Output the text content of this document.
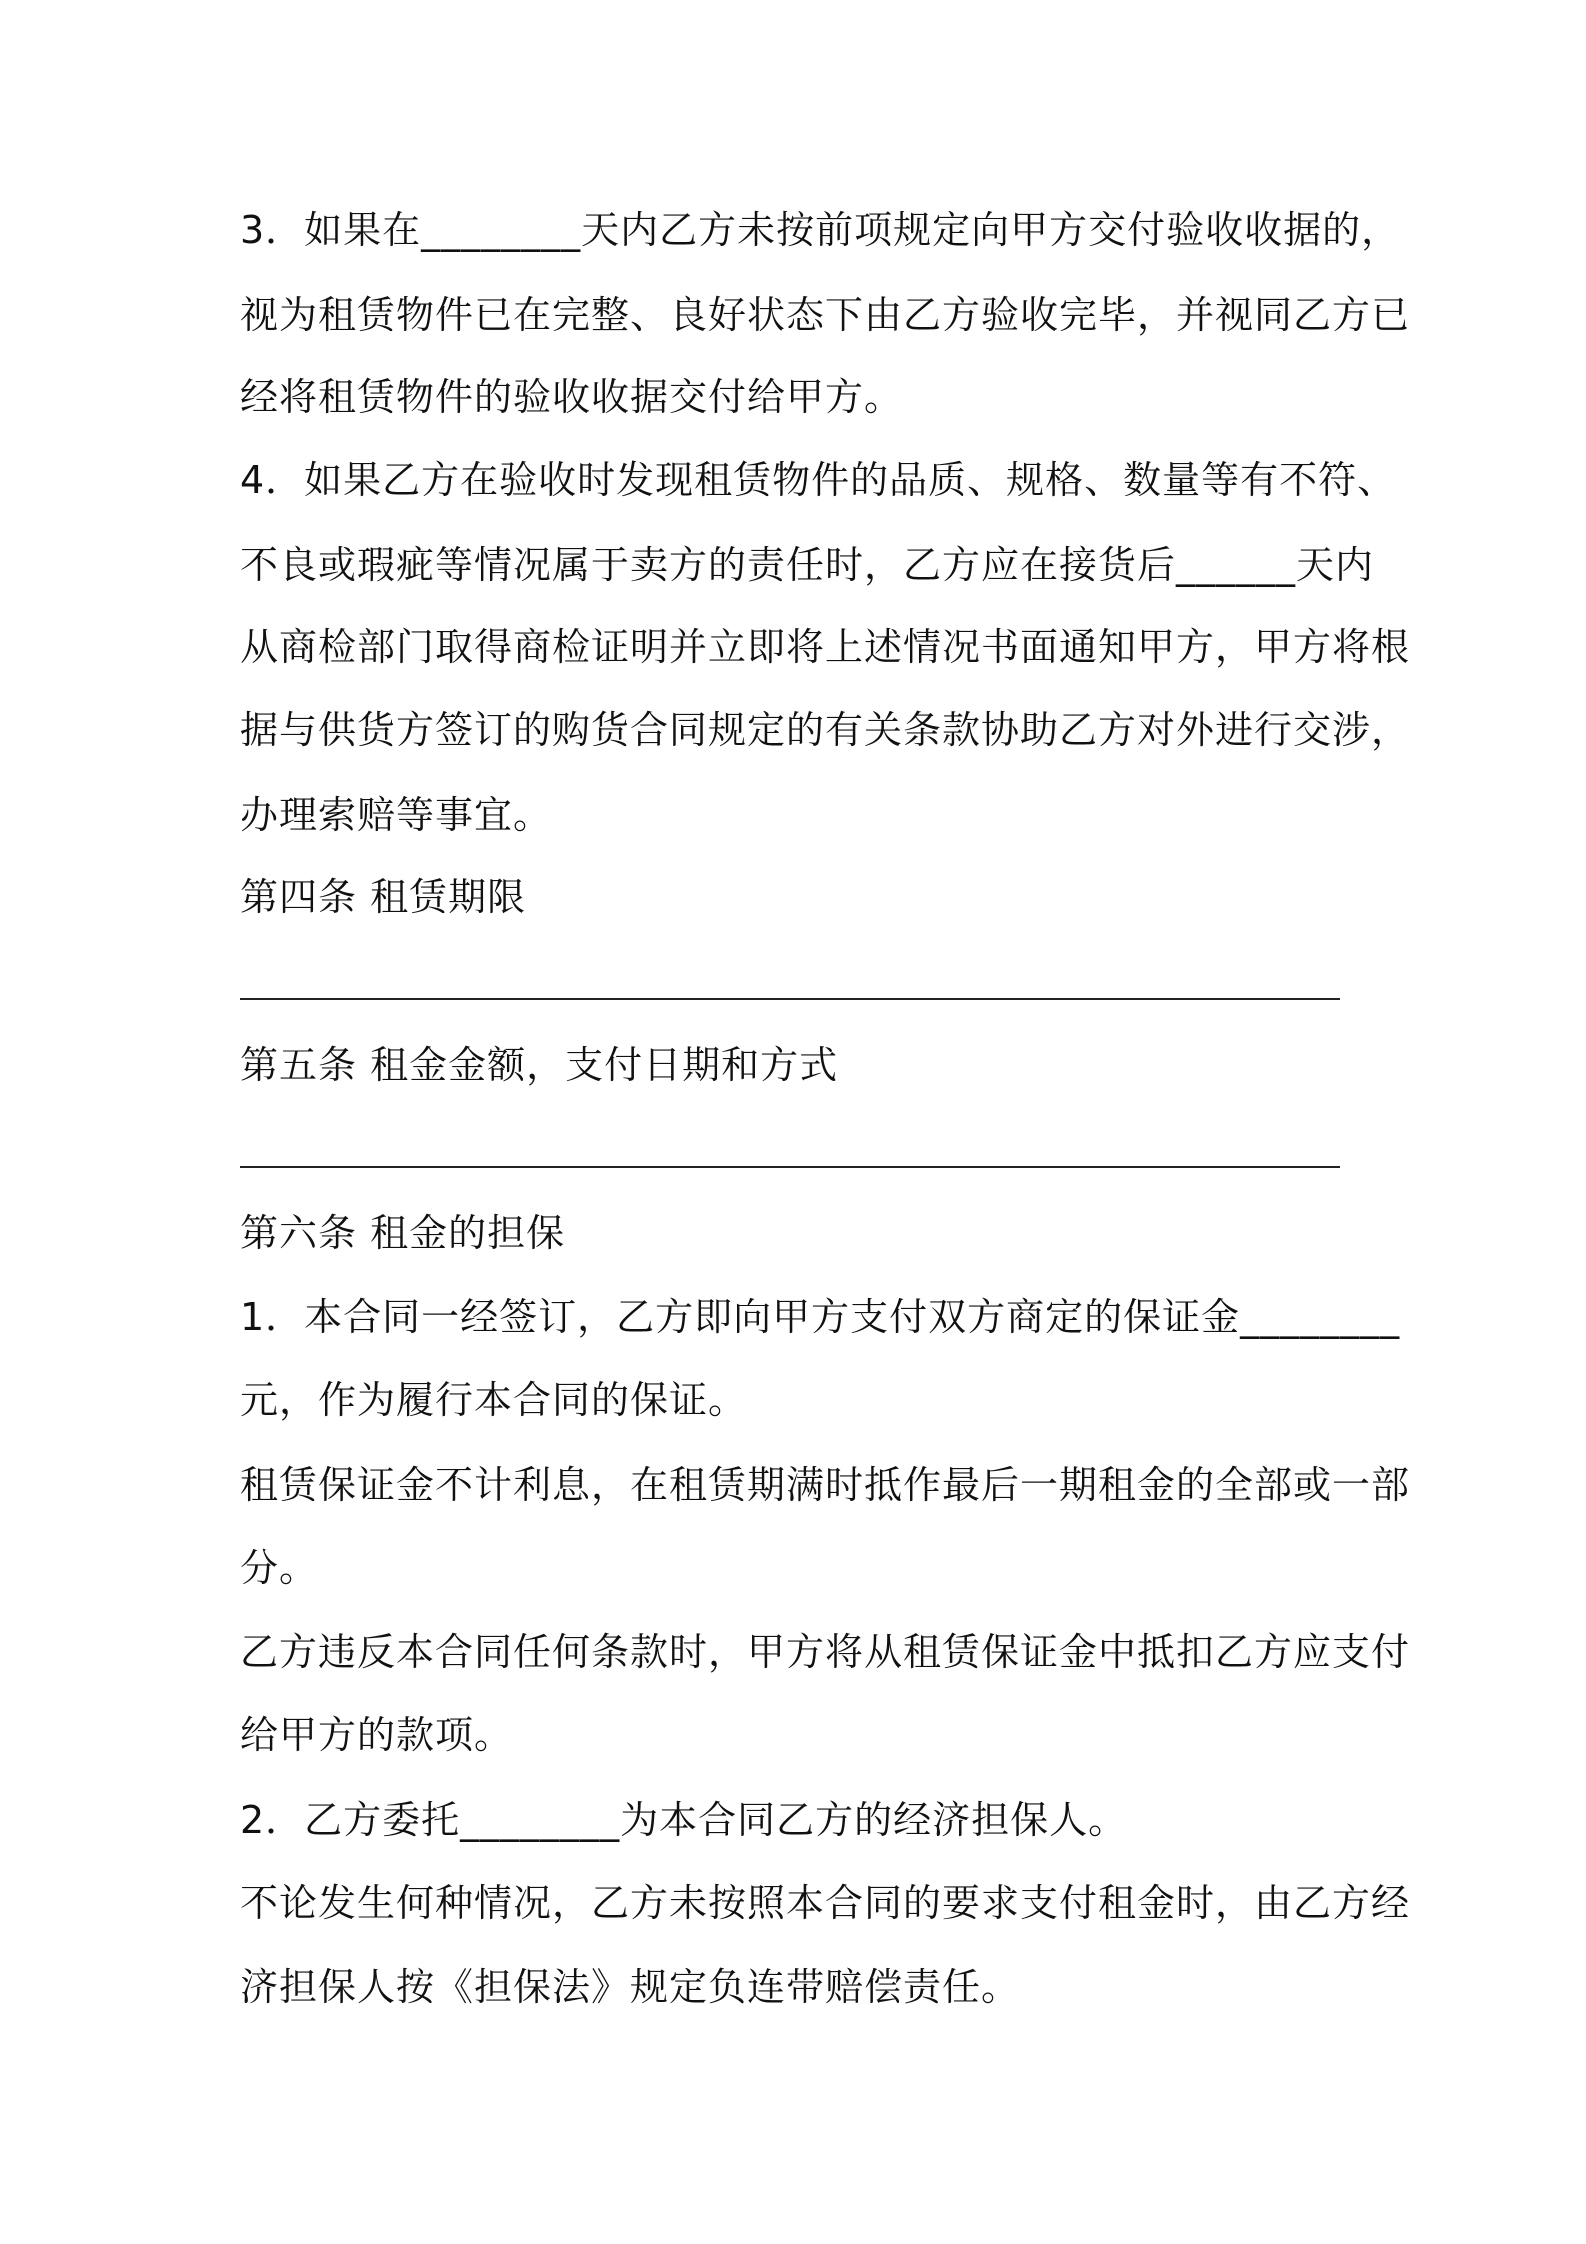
3．如果在________天内乙方未按前项规定向甲方交付验收收据的，
视为租赁物件已在完整、良好状态下由乙方验收完毕，并视同乙方已
经将租赁物件的验收收据交付给甲方。
4．如果乙方在验收时发现租赁物件的品质、规格、数量等有不符、
不良或瑕疵等情况属于卖方的责任时，乙方应在接货后______天内
从商检部门取得商检证明并立即将上述情况书面通知甲方，甲方将根
据与供货方签订的购货合同规定的有关条款协助乙方对外进行交涉，
办理索赔等事宜。
第四条 租赁期限
第五条 租金金额，支付日期和方式
第六条 租金的担保
1．本合同一经签订，乙方即向甲方支付双方商定的保证金________
元，作为履行本合同的保证。
租赁保证金不计利息，在租赁期满时抵作最后一期租金的全部或一部
分。
乙方违反本合同任何条款时，甲方将从租赁保证金中抵扣乙方应支付
给甲方的款项。
2．乙方委托________为本合同乙方的经济担保人。
不论发生何种情况，乙方未按照本合同的要求支付租金时，由乙方经
济担保人按《担保法》规定负连带赔偿责任。
